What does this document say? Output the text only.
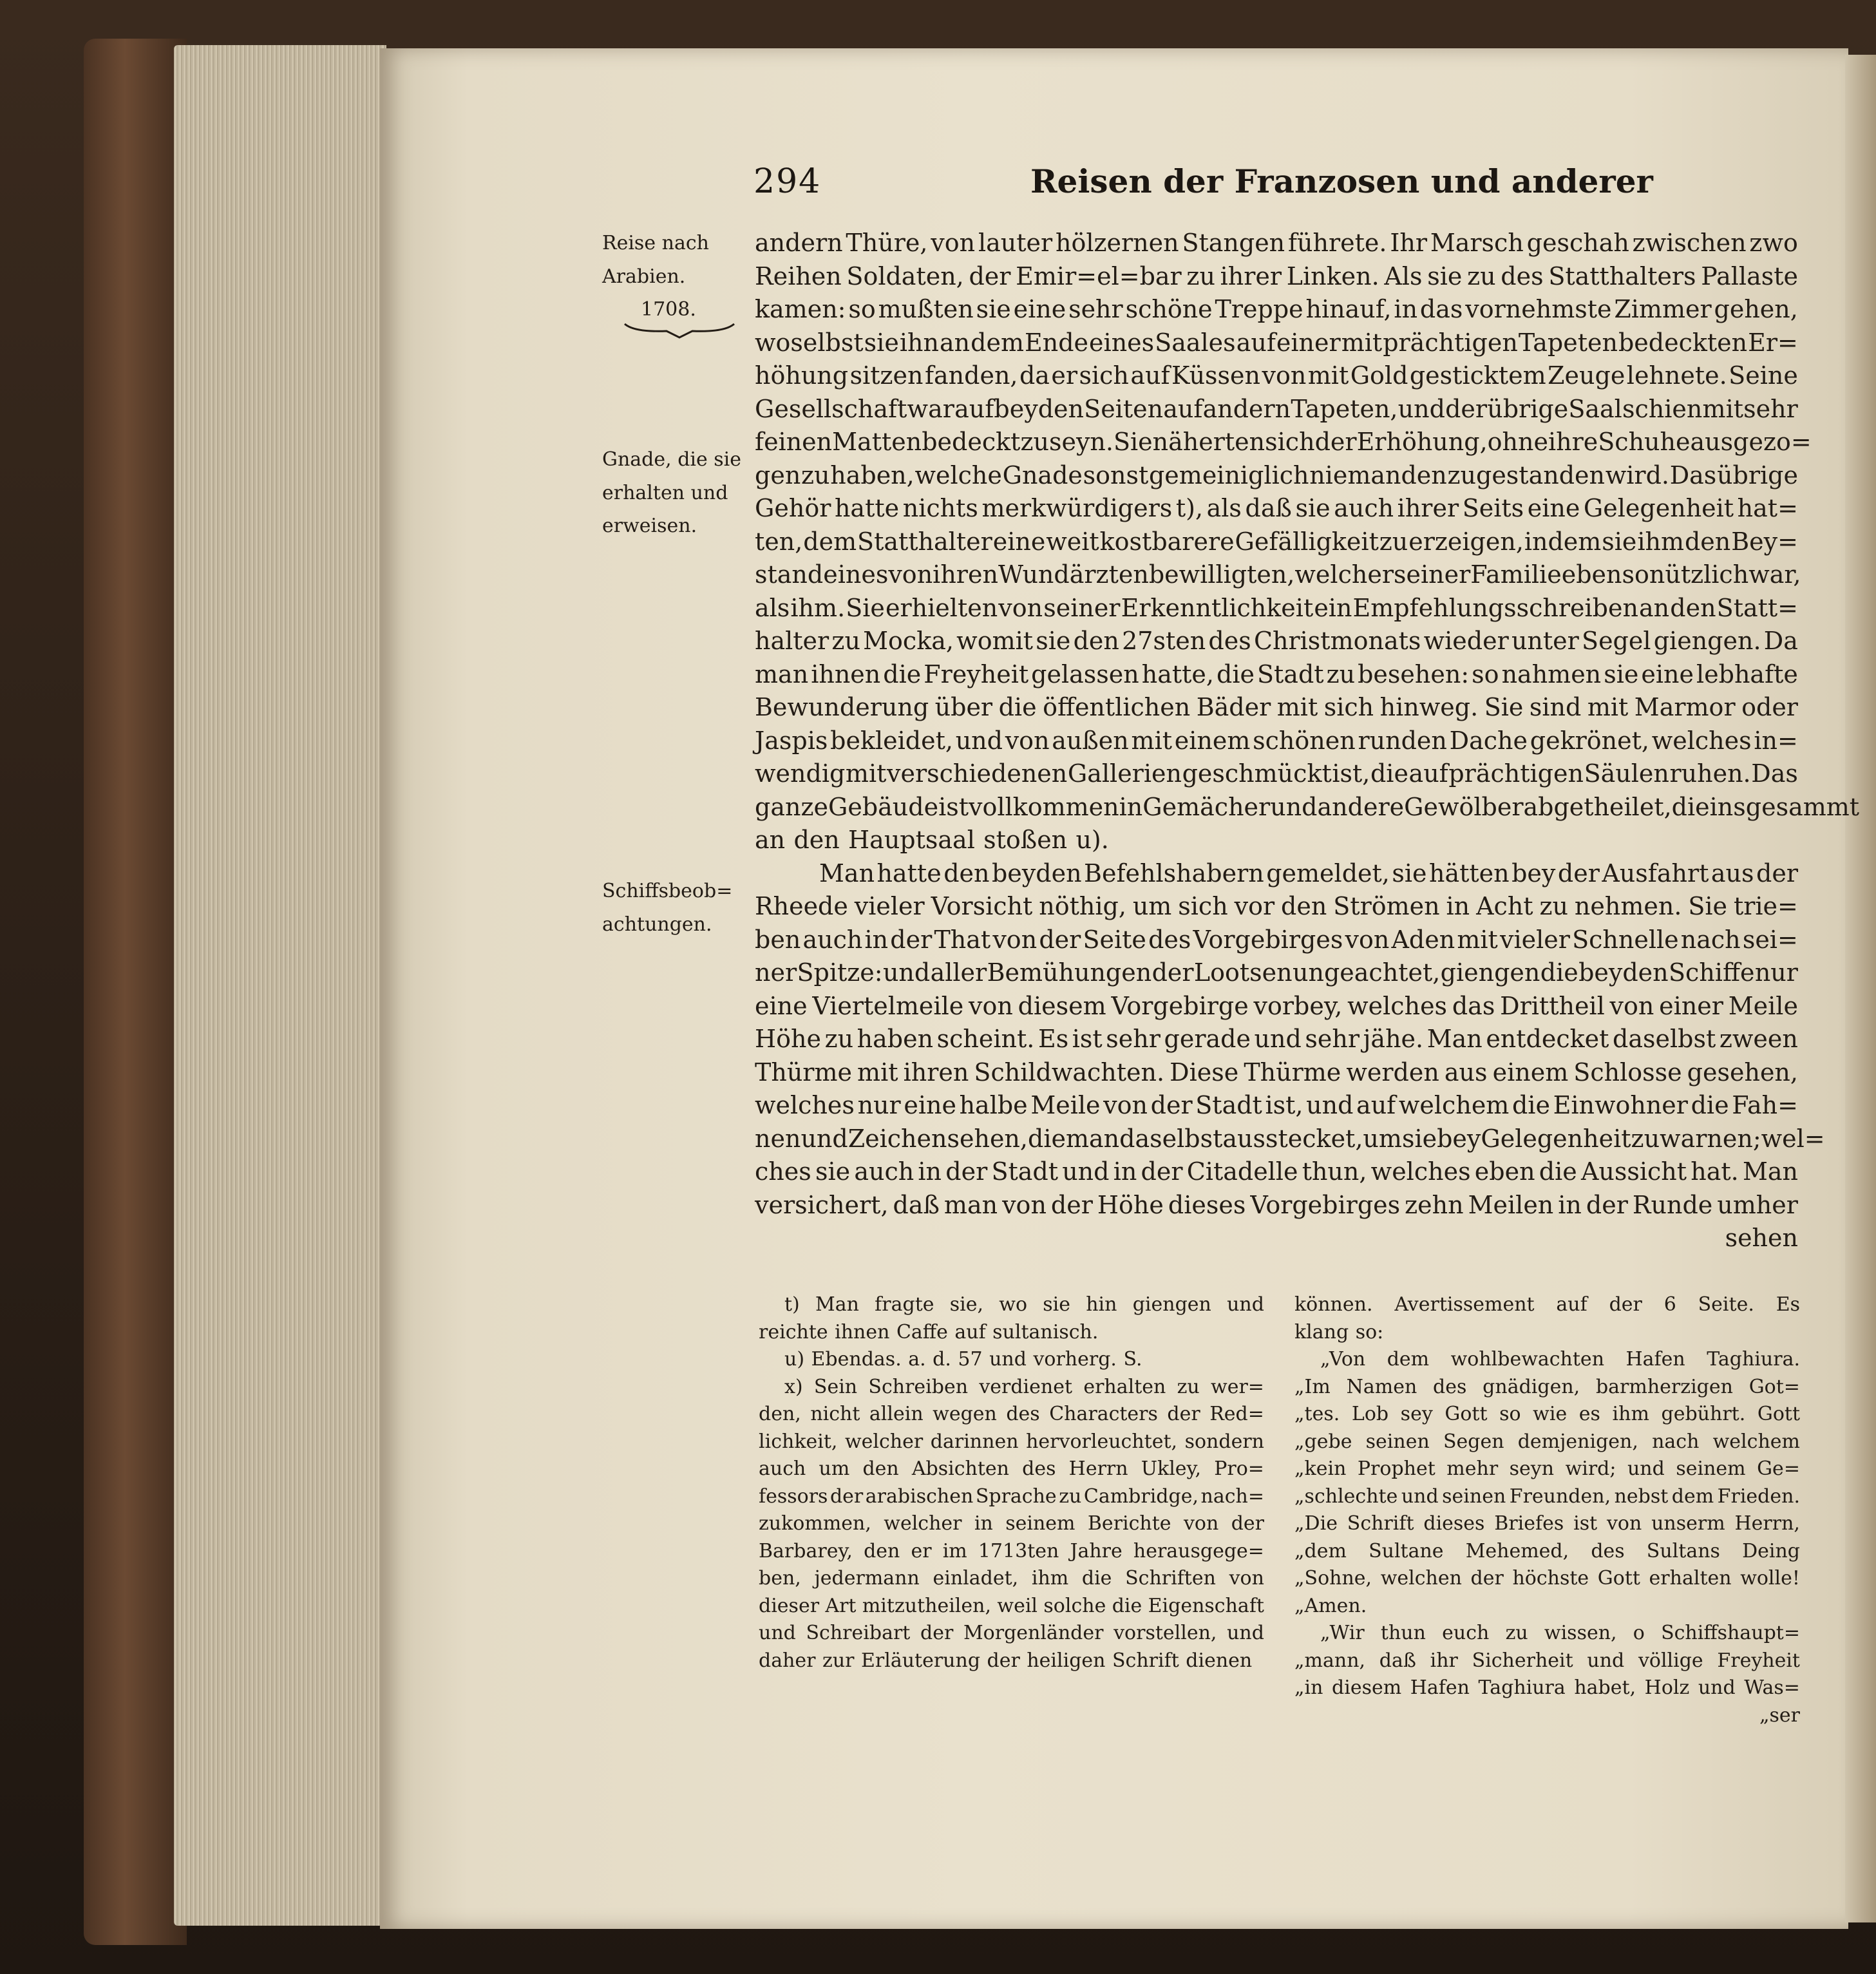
294	Reisen der Franzosen und anderer
Reise nach
Arabien.
1708.
Gnade, die sie
erhalten und
erweisen.
Schiffsbeob=
achtungen.
andern Thüre, von lauter hölzernen Stangen führete. Ihr Marsch geschah zwischen zwo
Reihen Soldaten, der Emir=el=bar zu ihrer Linken. Als sie zu des Statthalters Pallaste
kamen: so mußten sie eine sehr schöne Treppe hinauf, in das vornehmste Zimmer gehen,
woselbst sie ihn an dem Ende eines Saales auf einer mit prächtigen Tapeten bedeckten Er=
höhung sitzen fanden, da er sich auf Küssen von mit Gold gesticktem Zeuge lehnete. Seine
Gesellschaft war auf beyden Seiten auf andern Tapeten, und der übrige Saal schien mit sehr
feinen Matten bedeckt zu seyn. Sie näherten sich der Erhöhung, ohne ihre Schuhe ausgezo=
gen zu haben, welche Gnade sonst gemeiniglich niemanden zugestanden wird. Das übrige
Gehör hatte nichts merkwürdigers t), als daß sie auch ihrer Seits eine Gelegenheit hat=
ten, dem Statthalter eine weit kostbarere Gefälligkeit zu erzeigen, indem sie ihm den Bey=
stand eines von ihren Wundärzten bewilligten, welcher seiner Familie eben so nützlich war,
als ihm. Sie erhielten von seiner Erkenntlichkeit ein Empfehlungsschreiben an den Statt=
halter zu Mocka, womit sie den 27sten des Christmonats wieder unter Segel giengen. Da
man ihnen die Freyheit gelassen hatte, die Stadt zu besehen: so nahmen sie eine lebhafte
Bewunderung über die öffentlichen Bäder mit sich hinweg. Sie sind mit Marmor oder
Jaspis bekleidet, und von außen mit einem schönen runden Dache gekrönet, welches in=
wendig mit verschiedenen Gallerien geschmückt ist, die auf prächtigen Säulen ruhen. Das
ganze Gebäude ist vollkommen in Gemächer und andere Gewölber abgetheilet, die insgesammt
an den Hauptsaal stoßen u).
Man hatte den beyden Befehlshabern gemeldet, sie hätten bey der Ausfahrt aus der
Rheede vieler Vorsicht nöthig, um sich vor den Strömen in Acht zu nehmen. Sie trie=
ben auch in der That von der Seite des Vorgebirges von Aden mit vieler Schnelle nach sei=
ner Spitze: und aller Bemühungen der Lootsen ungeachtet, giengen die beyden Schiffe nur
eine Viertelmeile von diesem Vorgebirge vorbey, welches das Drittheil von einer Meile
Höhe zu haben scheint. Es ist sehr gerade und sehr jähe. Man entdecket daselbst zween
Thürme mit ihren Schildwachten. Diese Thürme werden aus einem Schlosse gesehen,
welches nur eine halbe Meile von der Stadt ist, und auf welchem die Einwohner die Fah=
nen und Zeichen sehen, die man daselbst ausstecket, um sie bey Gelegenheit zu warnen; wel=
ches sie auch in der Stadt und in der Citadelle thun, welches eben die Aussicht hat. Man
versichert, daß man von der Höhe dieses Vorgebirges zehn Meilen in der Runde umher
sehen
t) Man fragte sie, wo sie hin giengen und
reichte ihnen Caffe auf sultanisch.
u) Ebendas. a. d. 57 und vorherg. S.
x) Sein Schreiben verdienet erhalten zu wer=
den, nicht allein wegen des Characters der Red=
lichkeit, welcher darinnen hervorleuchtet, sondern
auch um den Absichten des Herrn Ukley, Pro=
fessors der arabischen Sprache zu Cambridge, nach=
zukommen, welcher in seinem Berichte von der
Barbarey, den er im 1713ten Jahre herausgege=
ben, jedermann einladet, ihm die Schriften von
dieser Art mitzutheilen, weil solche die Eigenschaft
und Schreibart der Morgenländer vorstellen, und
daher zur Erläuterung der heiligen Schrift dienen
können. Avertissement auf der 6 Seite. Es
klang so:
„Von dem wohlbewachten Hafen Taghiura.
„Im Namen des gnädigen, barmherzigen Got=
„tes. Lob sey Gott so wie es ihm gebührt. Gott
„gebe seinen Segen demjenigen, nach welchem
„kein Prophet mehr seyn wird; und seinem Ge=
„schlechte und seinen Freunden, nebst dem Frieden.
„Die Schrift dieses Briefes ist von unserm Herrn,
„dem Sultane Mehemed, des Sultans Deing
„Sohne, welchen der höchste Gott erhalten wolle!
„Amen.
„Wir thun euch zu wissen, o Schiffshaupt=
„mann, daß ihr Sicherheit und völlige Freyheit
„in diesem Hafen Taghiura habet, Holz und Was=
„ser
